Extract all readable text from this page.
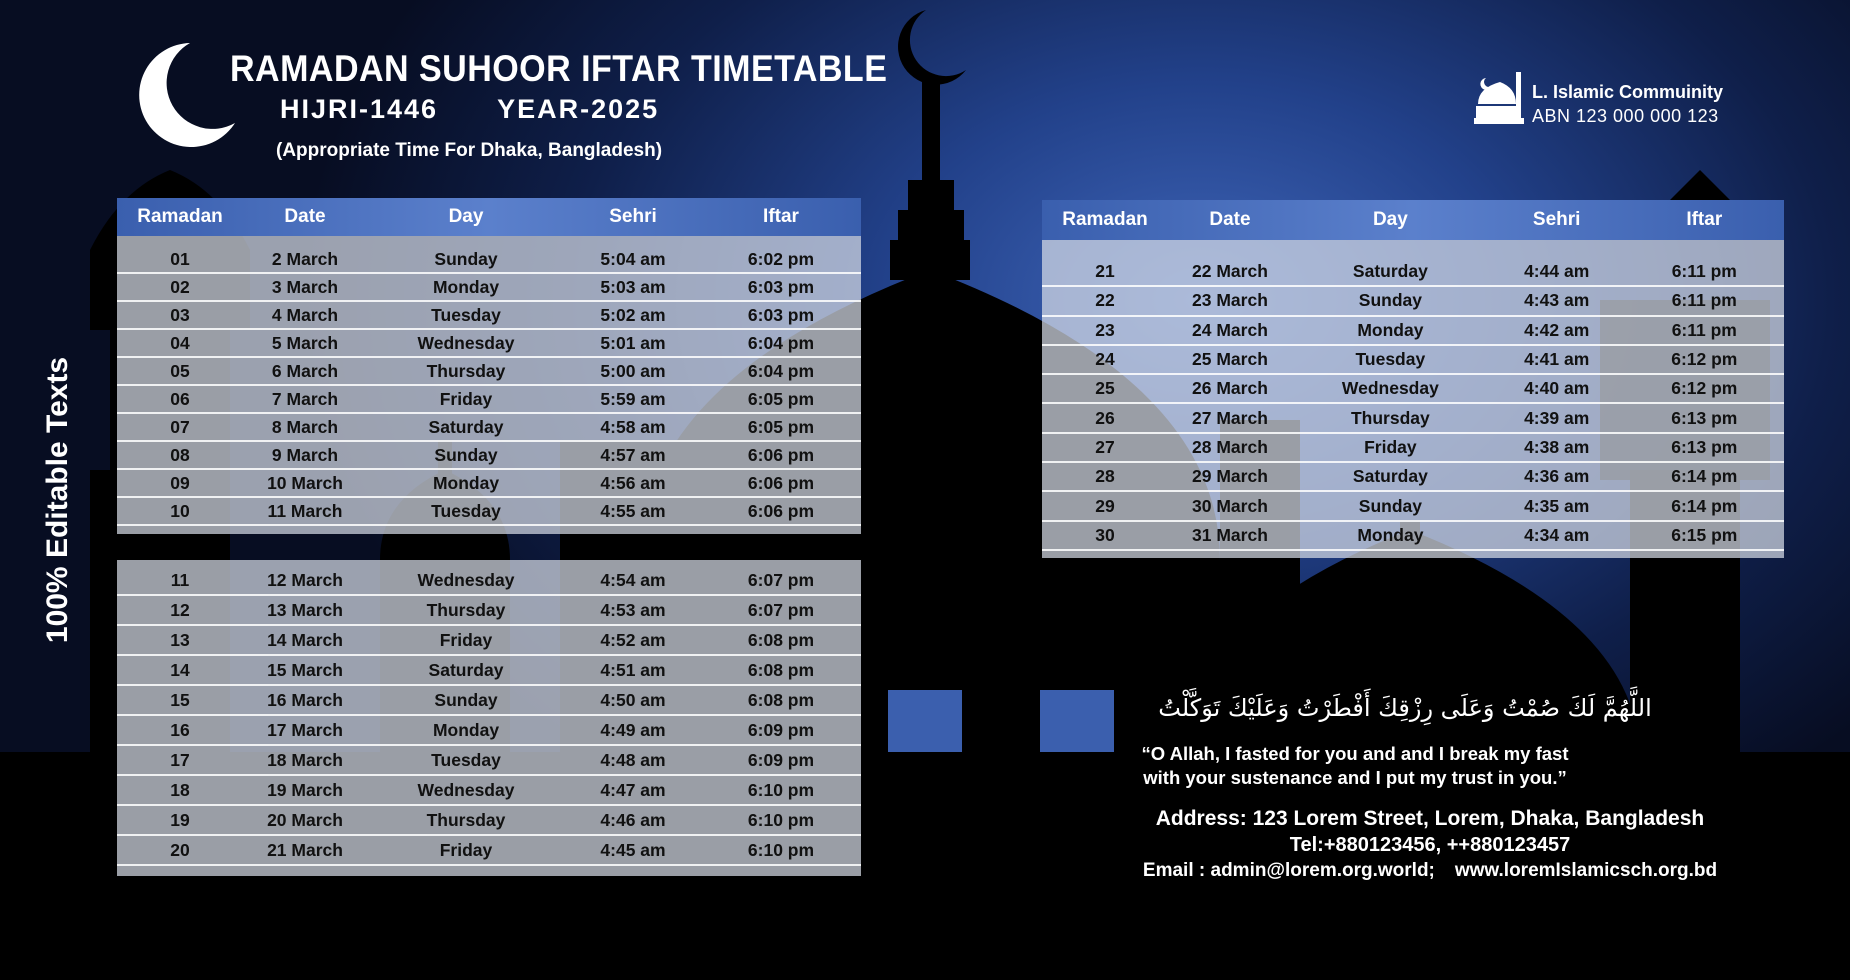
RAMADAN SUHOOR IFTAR TIMETABLE
HIJRI-1446 YEAR-2025
(Appropriate Time For Dhaka, Bangladesh)
L. Islamic Commuinity
ABN 123 000 000 123
100% Editable Texts
Ramadan	Date	Day	Sehri	Iftar
01	2 March	Sunday	5:04 am	6:02 pm
02	3 March	Monday	5:03 am	6:03 pm
03	4 March	Tuesday	5:02 am	6:03 pm
04	5 March	Wednesday	5:01 am	6:04 pm
05	6 March	Thursday	5:00 am	6:04 pm
06	7 March	Friday	5:59 am	6:05 pm
07	8 March	Saturday	4:58 am	6:05 pm
08	9 March	Sunday	4:57 am	6:06 pm
09	10 March	Monday	4:56 am	6:06 pm
10	11 March	Tuesday	4:55 am	6:06 pm
11	12 March	Wednesday	4:54 am	6:07 pm
12	13 March	Thursday	4:53 am	6:07 pm
13	14 March	Friday	4:52 am	6:08 pm
14	15 March	Saturday	4:51 am	6:08 pm
15	16 March	Sunday	4:50 am	6:08 pm
16	17 March	Monday	4:49 am	6:09 pm
17	18 March	Tuesday	4:48 am	6:09 pm
18	19 March	Wednesday	4:47 am	6:10 pm
19	20 March	Thursday	4:46 am	6:10 pm
20	21 March	Friday	4:45 am	6:10 pm
Ramadan	Date	Day	Sehri	Iftar
21	22 March	Saturday	4:44 am	6:11 pm
22	23 March	Sunday	4:43 am	6:11 pm
23	24 March	Monday	4:42 am	6:11 pm
24	25 March	Tuesday	4:41 am	6:12 pm
25	26 March	Wednesday	4:40 am	6:12 pm
26	27 March	Thursday	4:39 am	6:13 pm
27	28 March	Friday	4:38 am	6:13 pm
28	29 March	Saturday	4:36 am	6:14 pm
29	30 March	Sunday	4:35 am	6:14 pm
30	31 March	Monday	4:34 am	6:15 pm
اللَّهُمَّ لَكَ صُمْتُ وَعَلَى رِزْقِكَ أَفْطَرْتُ وَعَلَيْكَ تَوَكَّلْتُ
“O Allah, I fasted for you and and I break my fast
with your sustenance and I put my trust in you.”
Address: 123 Lorem Street, Lorem, Dhaka, Bangladesh
Tel:+880123456, ++880123457
Email : admin@lorem.org.world; www.loremIslamicsch.org.bd
